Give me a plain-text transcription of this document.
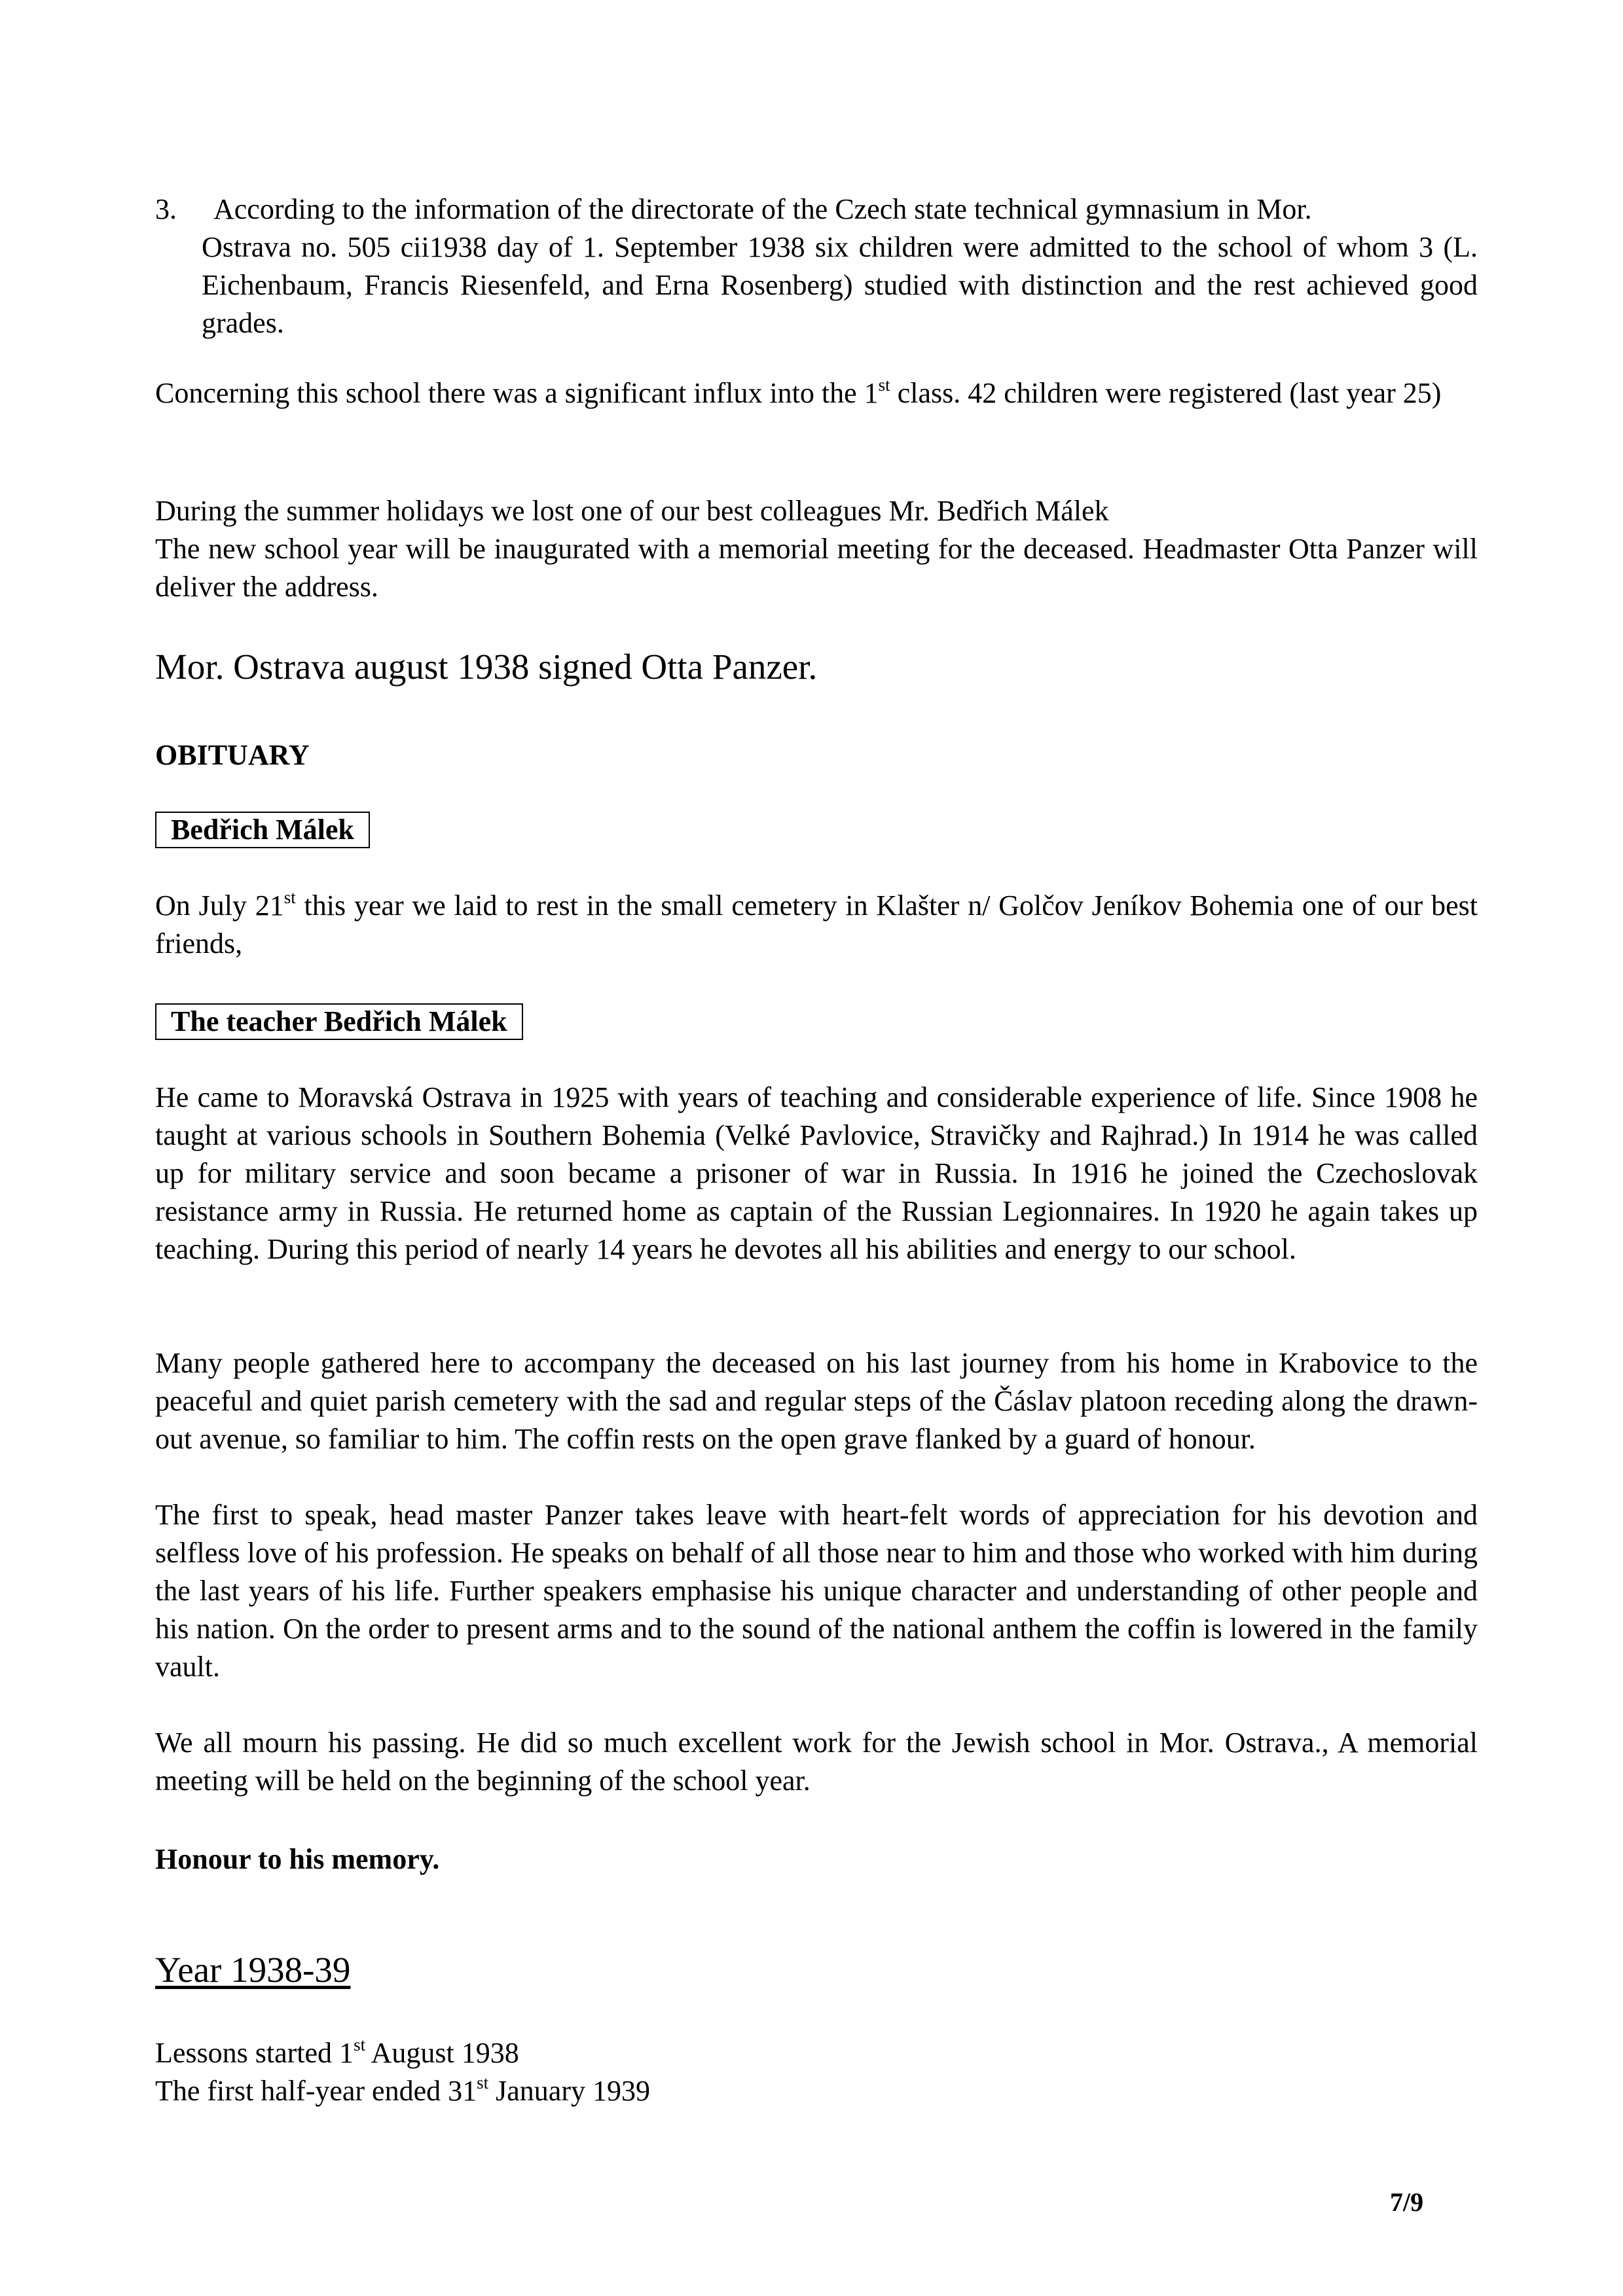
3.	According to the information of the directorate of the Czech state technical gymnasium in Mor.
Ostrava no. 505 cii1938 day of 1. September 1938 six children were admitted to the school of whom 3 (L. Eichenbaum, Francis Riesenfeld, and Erna Rosenberg) studied with distinction and the rest achieved good grades.
Concerning this school there was a significant influx into the 1st class. 42 children were registered (last year 25)

During the summer holidays we lost one of our best colleagues Mr. Bedřich Málek

The new school year will be inaugurated with a memorial meeting for the deceased. Headmaster Otta Panzer will deliver the address.

Mor. Ostrava august 1938 signed Otta Panzer.
OBITUARY
Bedřich Málek
On July 21st this year we laid to rest in the small cemetery in Klašter n/ Golčov Jeníkov Bohemia one of our best friends,
The teacher Bedřich Málek
He came to Moravská Ostrava in 1925 with years of teaching and considerable experience of life. Since 1908 he taught at various schools in Southern Bohemia (Velké Pavlovice, Stravičky and Rajhrad.) In 1914 he was called up for military service and soon became a prisoner of war in Russia. In 1916 he joined the Czechoslovak resistance army in Russia. He returned home as captain of the Russian Legionnaires. In 1920 he again takes up teaching. During this period of nearly 14 years he devotes all his abilities and energy to our school.
Many people gathered here to accompany the deceased on his last journey from his home in Krabovice to the peaceful and quiet parish cemetery with the sad and regular steps of the Čáslav platoon receding along the drawn-out avenue, so familiar to him. The coffin rests on the open grave flanked by a guard of honour.
The first to speak, head master Panzer takes leave with heart-felt words of appreciation for his devotion and selfless love of his profession. He speaks on behalf of all those near to him and those who worked with him during the last years of his life. Further speakers emphasise his unique character and understanding of other people and his nation. On the order to present arms and to the sound of the national anthem the coffin is lowered in the family vault.
We all mourn his passing. He did so much excellent work for the Jewish school in Mor. Ostrava., A memorial meeting will be held on the beginning of the school year.
Honour to his memory.
Year 1938-39
Lessons started 1st August 1938
The first half-year ended 31st January 1939
7/9
